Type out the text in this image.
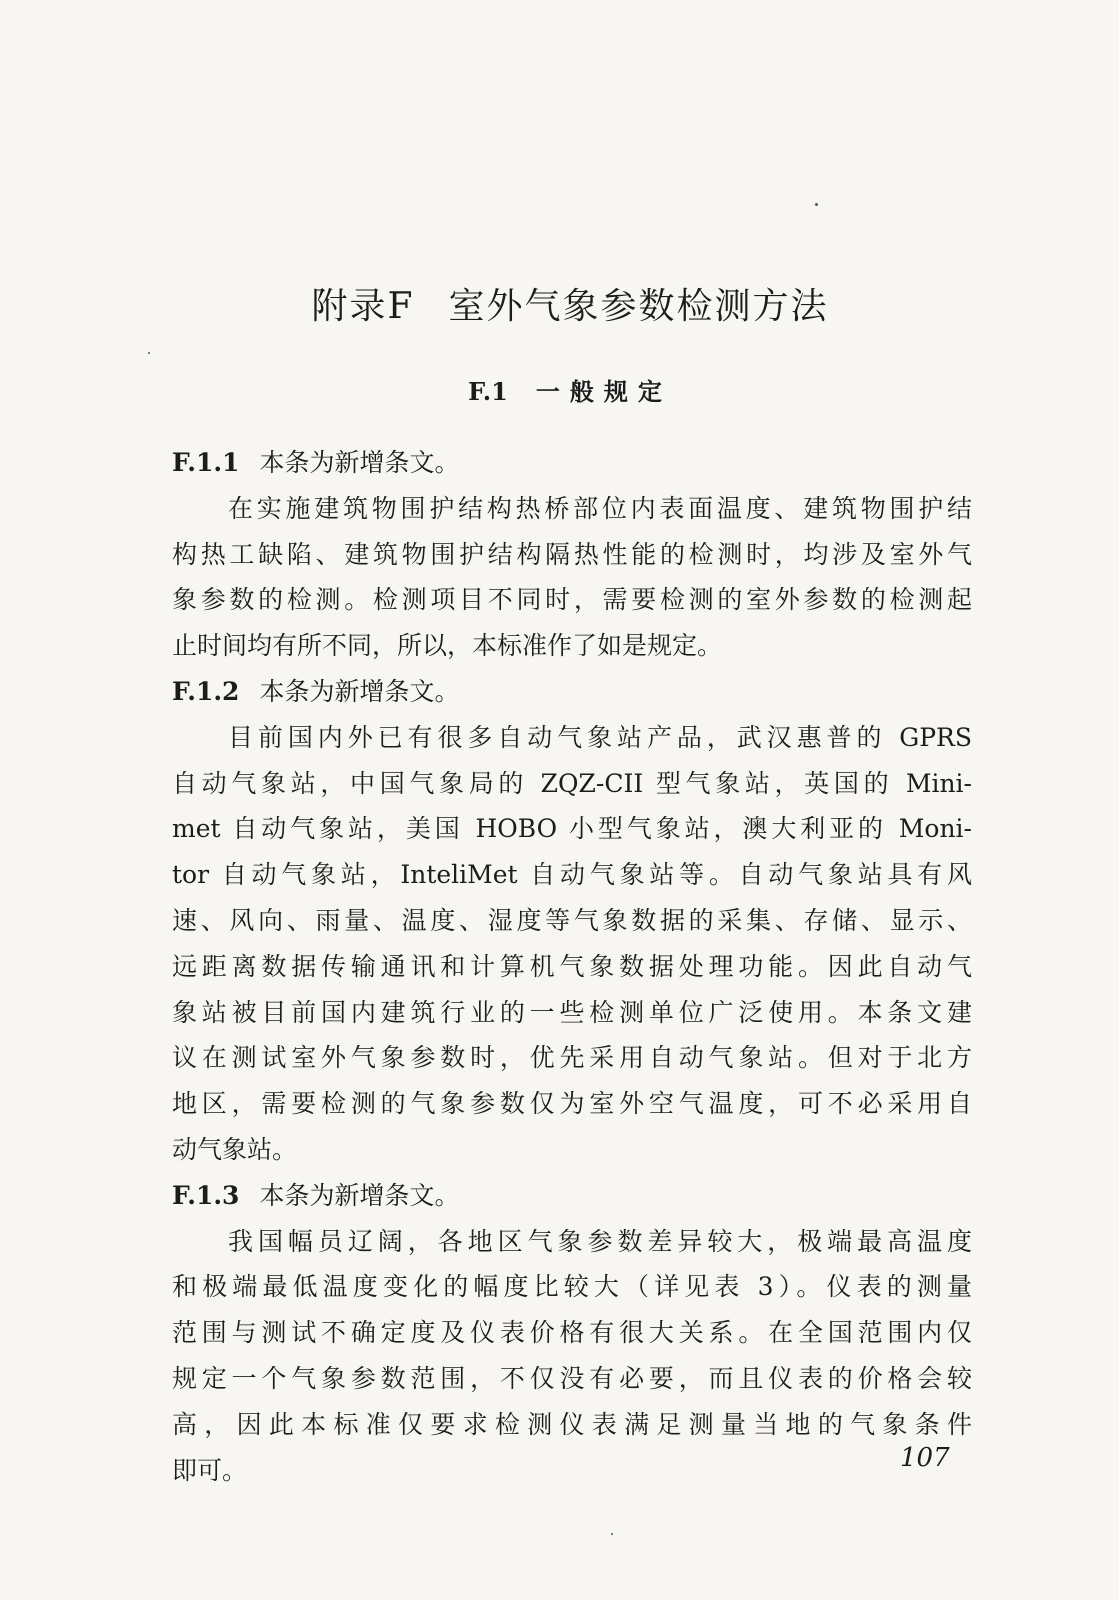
附录F 室外气象参数检测方法
F.1 一般规定
F.1.1 本条为新增条文。
在实施建筑物围护结构热桥部位内表面温度、建筑物围护结
构热工缺陷、建筑物围护结构隔热性能的检测时，均涉及室外气
象参数的检测。检测项目不同时，需要检测的室外参数的检测起
止时间均有所不同，所以，本标准作了如是规定。
F.1.2 本条为新增条文。
目前国内外已有很多自动气象站产品，武汉惠普的 GPRS
自动气象站，中国气象局的 ZQZ-CII 型气象站，英国的 Mini-
met 自动气象站，美国 HOBO 小型气象站，澳大利亚的 Moni-
tor 自动气象站，InteliMet 自动气象站等。自动气象站具有风
速、风向、雨量、温度、湿度等气象数据的采集、存储、显示、
远距离数据传输通讯和计算机气象数据处理功能。因此自动气
象站被目前国内建筑行业的一些检测单位广泛使用。本条文建
议在测试室外气象参数时，优先采用自动气象站。但对于北方
地区，需要检测的气象参数仅为室外空气温度，可不必采用自
动气象站。
F.1.3 本条为新增条文。
我国幅员辽阔，各地区气象参数差异较大，极端最高温度
和极端最低温度变化的幅度比较大（详见表 3）。仪表的测量
范围与测试不确定度及仪表价格有很大关系。在全国范围内仅
规定一个气象参数范围，不仅没有必要，而且仪表的价格会较
高，因此本标准仅要求检测仪表满足测量当地的气象条件
即可。	107
